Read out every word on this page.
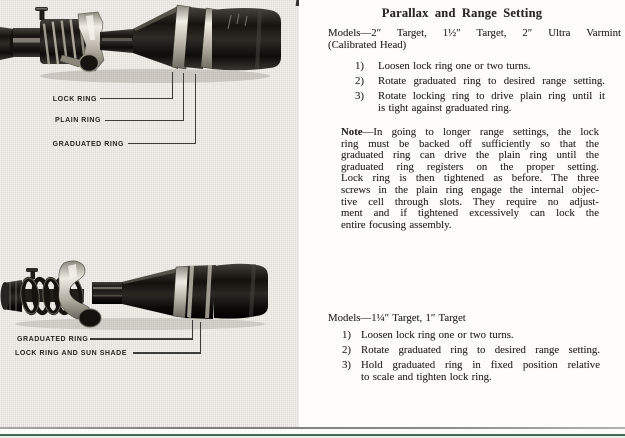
LOCK RING
PLAIN RING
GRADUATED RING
GRADUATED RING
LOCK RING AND SUN SHADE
Parallax and Range Setting
Models—2″ Target, 1½″ Target, 2″ Ultra Varmint
(Calibrated Head)
1) Loosen lock ring one or two turns.
2) Rotate graduated ring to desired range setting.
3) Rotate locking ring to drive plain ring until it
is tight against graduated ring.
Note—In going to longer range settings, the lock
ring must be backed off sufficiently so that the
graduated ring can drive the plain ring until the
graduated ring registers on the proper setting.
Lock ring is then tightened as before. The three
screws in the plain ring engage the internal objec-
tive cell through slots. They require no adjust-
ment and if tightened excessively can lock the
entire focusing assembly.
Models—1¼″ Target, 1″ Target
1) Loosen lock ring one or two turns.
2) Rotate graduated ring to desired range setting.
3) Hold graduated ring in fixed position relative
to scale and tighten lock ring.
